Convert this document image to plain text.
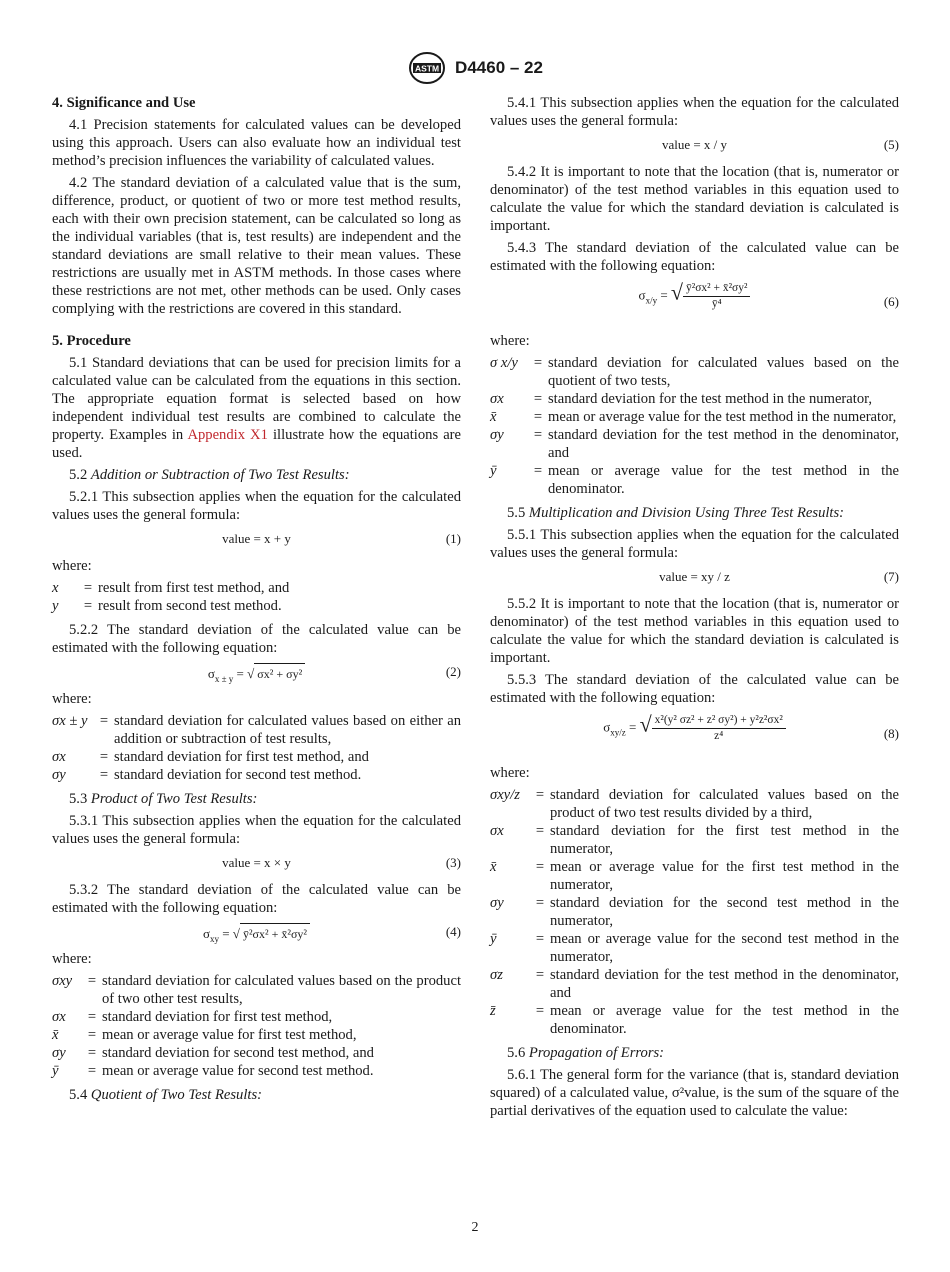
ASTM D4460 – 22
4. Significance and Use

4.1 Precision statements for calculated values can be developed using this approach. Users can also evaluate how an individual test method’s precision influences the variability of calculated values.

4.2 The standard deviation of a calculated value that is the sum, difference, product, or quotient of two or more test method results, each with their own precision statement, can be calculated so long as the individual variables (that is, test results) are independent and the standard deviations are small relative to their mean values. These restrictions are usually met in ASTM methods. In those cases where these restrictions are not met, other methods can be used. Only cases complying with the restrictions are covered in this standard.

5. Procedure

5.1 Standard deviations that can be used for precision limits for a calculated value can be calculated from the equations in this section. The appropriate equation format is selected based on how independent individual test results are combined to calculate the property. Examples in Appendix X1 illustrate how the equations are used.

5.2 Addition or Subtraction of Two Test Results:

5.2.1 This subsection applies when the equation for the calculated values uses the general formula:

value = x + y	(1)
where:
x	=	result from first test method, and
y	=	result from second test method.

5.2.2 The standard deviation of the calculated value can be estimated with the following equation:

$\sigma_{x \pm y}$ = √ σx² + σy²	(2)
where:
σx ± y	=	standard deviation for calculated values based on either an addition or subtraction of test results,
σx	=	standard deviation for first test method, and
σy	=	standard deviation for second test method.

5.3 Product of Two Test Results:

5.3.1 This subsection applies when the equation for the calculated values uses the general formula:

value = x × y	(3)

5.3.2 The standard deviation of the calculated value can be estimated with the following equation:

$\sigma_{xy}$ = √ ȳ²σx² + x̄²σy²	(4)
where:
σxy	=	standard deviation for calculated values based on the product of two other test results,
σx	=	standard deviation for first test method,
x̄	=	mean or average value for first test method,
σy	=	standard deviation for second test method, and
ȳ	=	mean or average value for second test method.

5.4 Quotient of Two Test Results:

5.4.1 This subsection applies when the equation for the calculated values uses the general formula:

value = x / y	(5)

5.4.2 It is important to note that the location (that is, numerator or denominator) of the test method variables in this equation used to calculate the value for which the standard deviation is calculated is important.

5.4.3 The standard deviation of the calculated value can be estimated with the following equation:

$\sigma_{x/y}$ = √ $\frac{\text{ȳ²σx² + x̄²σy²}}{\text{ȳ⁴}}$	(6)
where:
σ x/y	=	standard deviation for calculated values based on the quotient of two tests,
σx	=	standard deviation for the test method in the numerator,
x̄	=	mean or average value for the test method in the numerator,
σy	=	standard deviation for the test method in the denominator, and
ȳ	=	mean or average value for the test method in the denominator.

5.5 Multiplication and Division Using Three Test Results:

5.5.1 This subsection applies when the equation for the calculated values uses the general formula:

value = xy / z	(7)

5.5.2 It is important to note that the location (that is, numerator or denominator) of the test method variables in this equation used to calculate the value for which the standard deviation is calculated is important.

5.5.3 The standard deviation of the calculated value can be estimated with the following equation:

$\sigma_{xy/z}$ = √ $\frac{\text{x²(y² σz² + z² σy²) + y²z²σx²}}{\text{z⁴}}$	(8)
where:
σxy/z	=	standard deviation for calculated values based on the product of two test results divided by a third,
σx	=	standard deviation for the first test method in the numerator,
x̄	=	mean or average value for the first test method in the numerator,
σy	=	standard deviation for the second test method in the numerator,
ȳ	=	mean or average value for the second test method in the numerator,
σz	=	standard deviation for the test method in the denominator, and
z̄	=	mean or average value for the test method in the denominator.

5.6 Propagation of Errors:

5.6.1 The general form for the variance (that is, standard deviation squared) of a calculated value, σ²value, is the sum of the square of the partial derivatives of the equation used to calculate the value:

2
